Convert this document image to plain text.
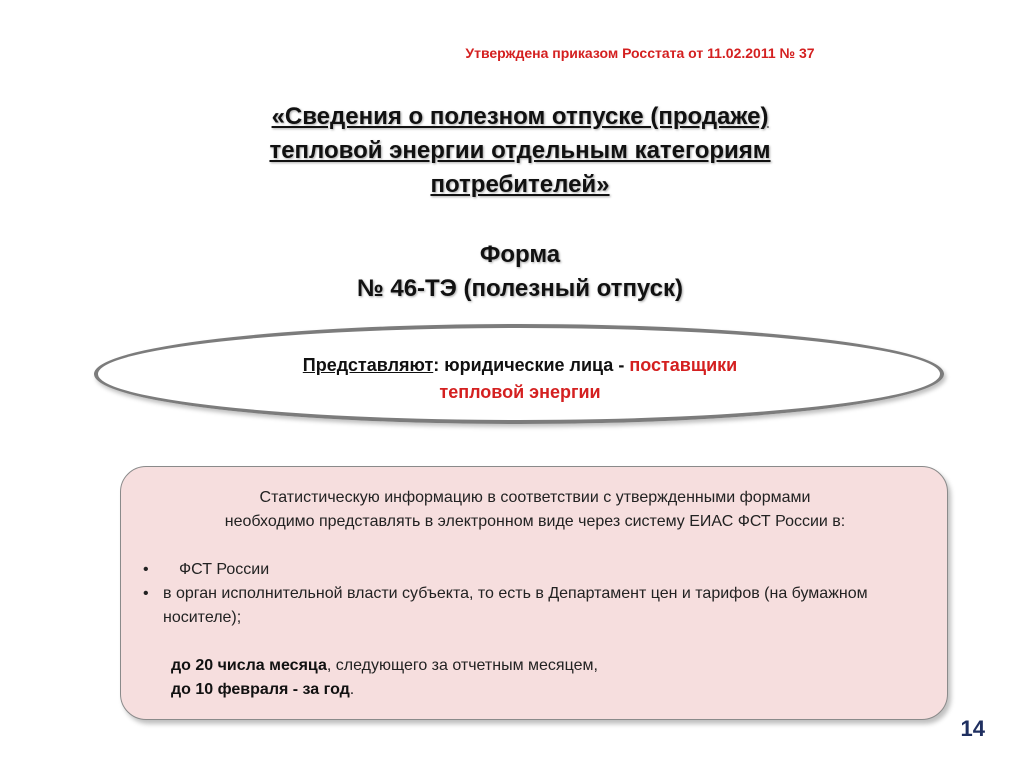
Утверждена приказом Росстата от 11.02.2011 № 37
«Сведения о полезном отпуске (продаже)
тепловой энергии отдельным категориям
потребителей»
Форма
№ 46-ТЭ (полезный отпуск)
Представляют: юридические лица - поставщики
тепловой энергии
Статистическую информацию в соответствии с утвержденными формами
необходимо представлять в электронном виде через систему ЕИАС ФСТ России в:
• ФСТ России
• в орган исполнительной власти субъекта, то есть в Департамент цен и тарифов (на бумажном носителе);
до 20 числа месяца, следующего за отчетным месяцем,
до 10 февраля - за год.
14
